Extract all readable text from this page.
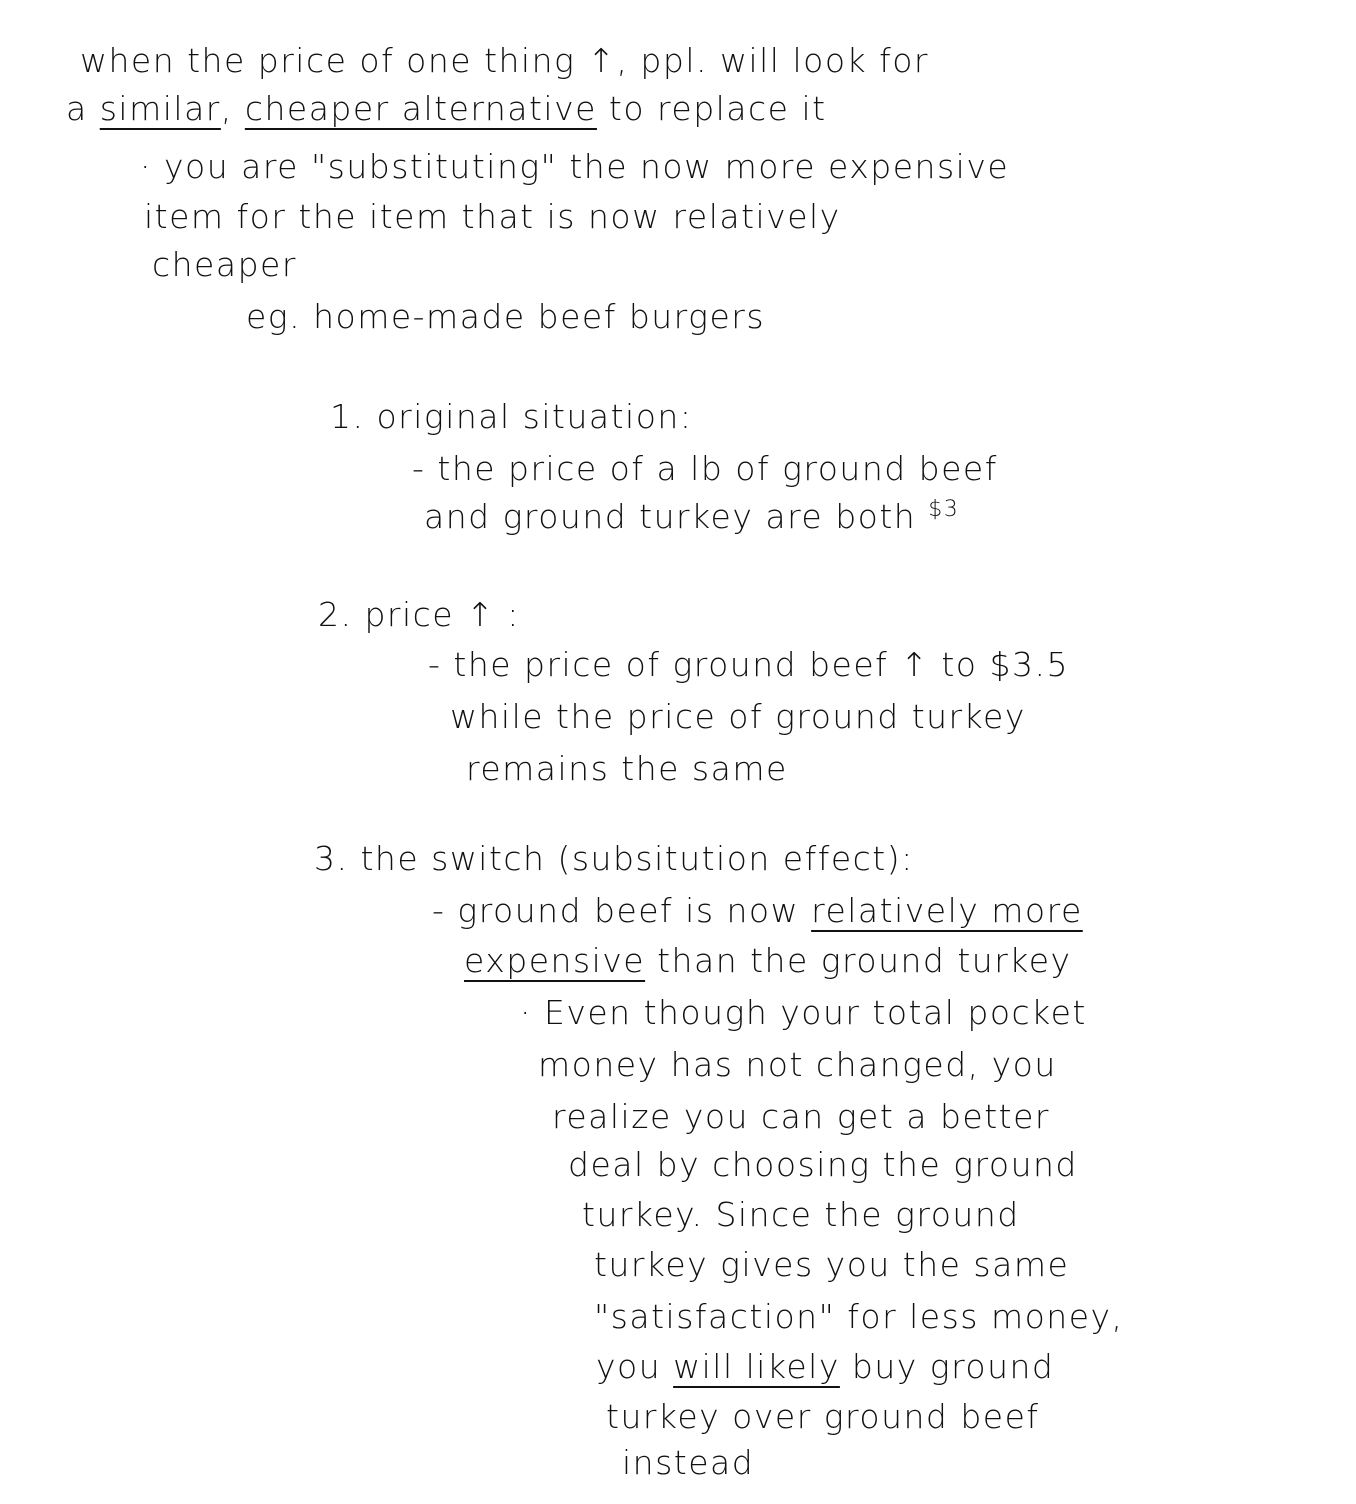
when the price of one thing ↑, ppl. will look for
a similar, cheaper alternative to replace it
· you are "substituting" the now more expensive
item for the item that is now relatively
cheaper
eg. home-made beef burgers
1. original situation:
- the price of a lb of ground beef
and ground turkey are both $^{\$3}$
2. price ↑ :
- the price of ground beef ↑ to $3.5
while the price of ground turkey
remains the same
3. the switch (subsitution effect):
- ground beef is now relatively more
expensive than the ground turkey
· Even though your total pocket
money has not changed, you
realize you can get a better
deal by choosing the ground
turkey. Since the ground
turkey gives you the same
"satisfaction" for less money,
you will likely buy ground
turkey over ground beef
instead
